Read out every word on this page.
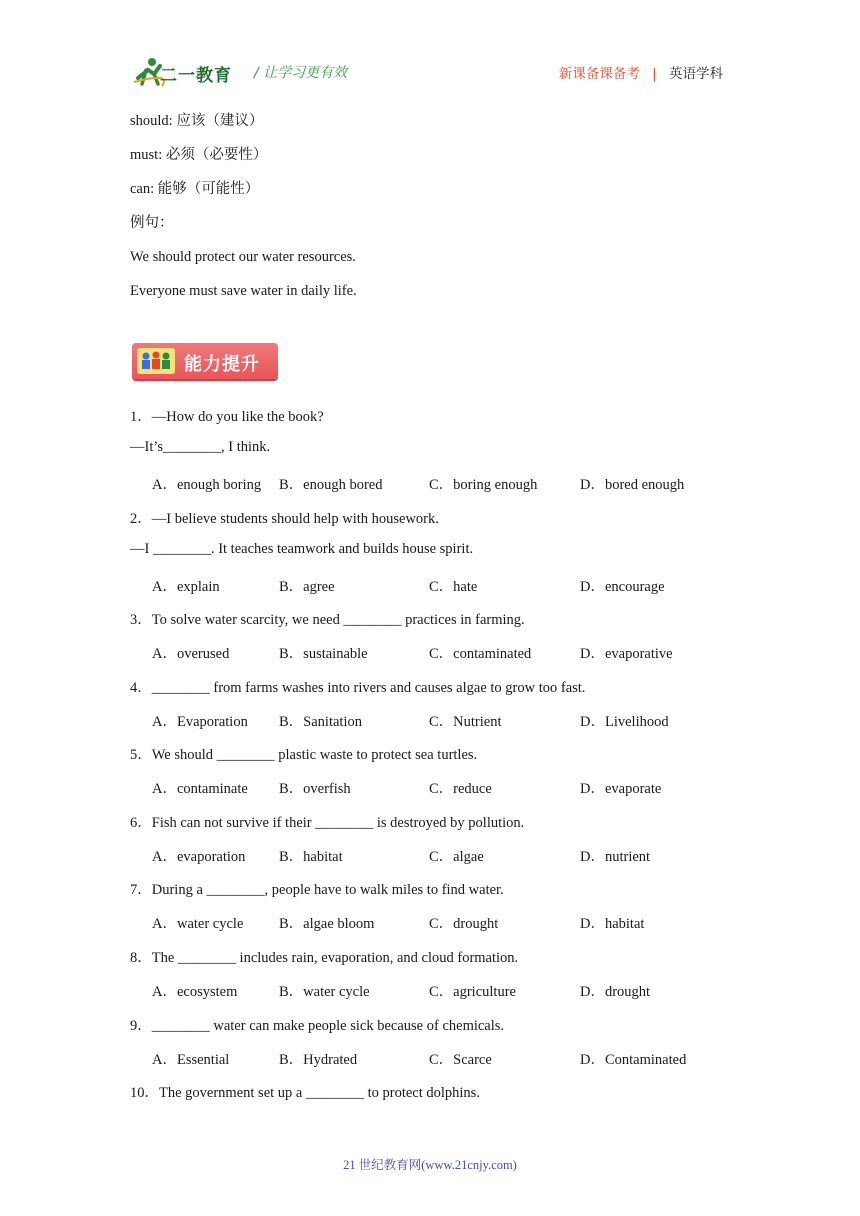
二一教育 / 让学习更有效	新课备课备考 | 英语学科
should: 应该（建议）
must: 必须（必要性）
can: 能够（可能性）
例句：
We should protect our water resources.
Everyone must save water in daily life.
能力提升
1．—How do you like the book?
—It’s________, I think.
A．enough boring B．enough bored	C．boring enough	D．bored enough
2．—I believe students should help with housework.
—I ________. It teaches teamwork and builds house spirit.
A．explain	B．agree	C．hate	D．encourage
3．To solve water scarcity, we need ________ practices in farming.
A．overused	B．sustainable	C．contaminated	D．evaporative
4．________ from farms washes into rivers and causes algae to grow too fast.
A．Evaporation B．Sanitation	C．Nutrient	D．Livelihood
5．We should ________ plastic waste to protect sea turtles.
A．contaminate B．overfish	C．reduce	D．evaporate
6．Fish can not survive if their ________ is destroyed by pollution.
A．evaporation B．habitat	C．algae	D．nutrient
7．During a ________, people have to walk miles to find water.
A．water cycle B．algae bloom	C．drought	D．habitat
8．The ________ includes rain, evaporation, and cloud formation.
A．ecosystem	B．water cycle	C．agriculture	D．drought
9．________ water can make people sick because of chemicals.
A．Essential	B．Hydrated	C．Scarce	D．Contaminated
10．The government set up a ________ to protect dolphins.
21 世纪教育网(www.21cnjy.com)
